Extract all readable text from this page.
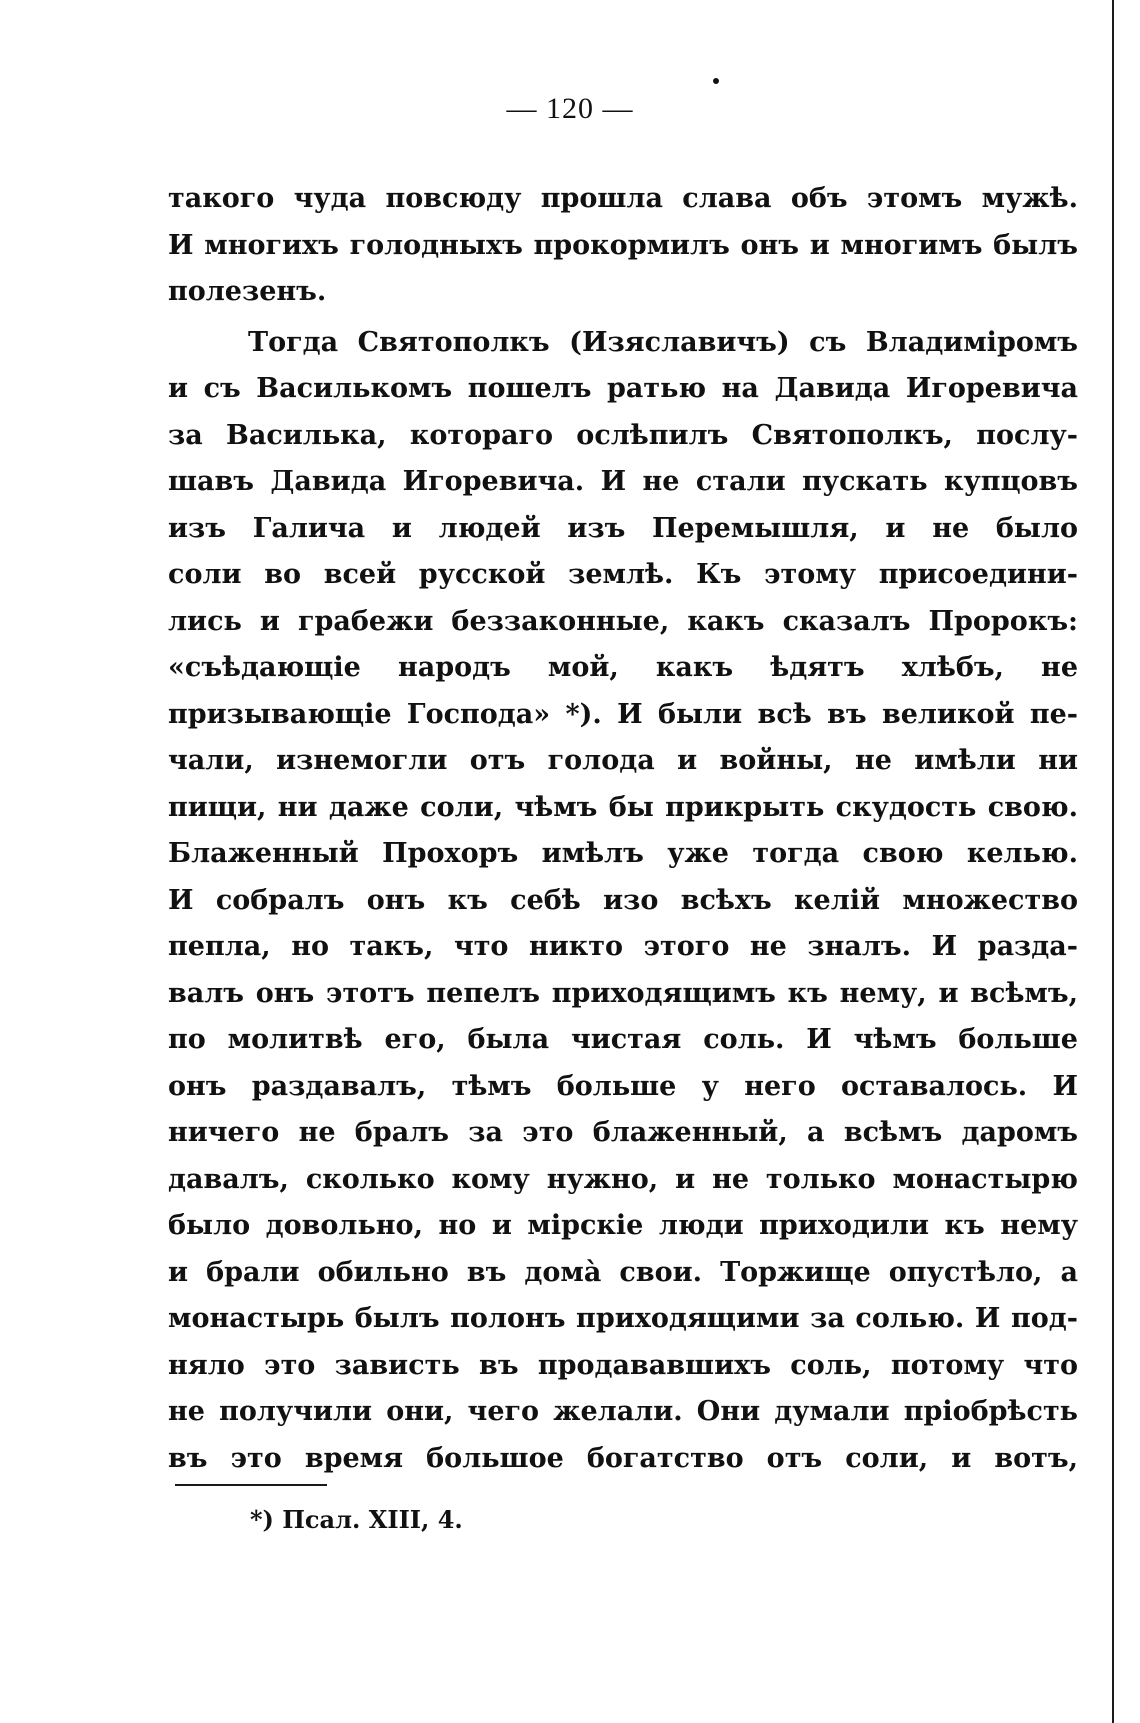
— 120 —
такого чуда повсюду прошла слава объ этомъ мужѣ.
И многихъ голодныхъ прокормилъ онъ и многимъ былъ
полезенъ.
Тогда Святополкъ (Изяславичъ) съ Владиміромъ
и съ Василькомъ пошелъ ратью на Давида Игоревича
за Василька, котораго ослѣпилъ Святополкъ, послу-
шавъ Давида Игоревича. И не стали пускать купцовъ
изъ Галича и людей изъ Перемышля, и не было
соли во всей русской землѣ. Къ этому присоедини-
лись и грабежи беззаконные, какъ сказалъ Пророкъ:
«съѣдающіе народъ мой, какъ ѣдятъ хлѣбъ, не
призывающіе Господа» *). И были всѣ въ великой пе-
чали, изнемогли отъ голода и войны, не имѣли ни
пищи, ни даже соли, чѣмъ бы прикрыть скудость свою.
Блаженный Прохоръ имѣлъ уже тогда свою келью.
И собралъ онъ къ себѣ изо всѣхъ келій множество
пепла, но такъ, что никто этого не зналъ. И разда-
валъ онъ этотъ пепелъ приходящимъ къ нему, и всѣмъ,
по молитвѣ его, была чистая соль. И чѣмъ больше
онъ раздавалъ, тѣмъ больше у него оставалось. И
ничего не бралъ за это блаженный, а всѣмъ даромъ
давалъ, сколько кому нужно, и не только монастырю
было довольно, но и мірскіе люди приходили къ нему
и брали обильно въ домà свои. Торжище опустѣло, а
монастырь былъ полонъ приходящими за солью. И под-
няло это зависть въ продававшихъ соль, потому что
не получили они, чего желали. Они думали пріобрѣсть
въ это время большое богатство отъ соли, и вотъ,
*) Псал. XIII, 4.
